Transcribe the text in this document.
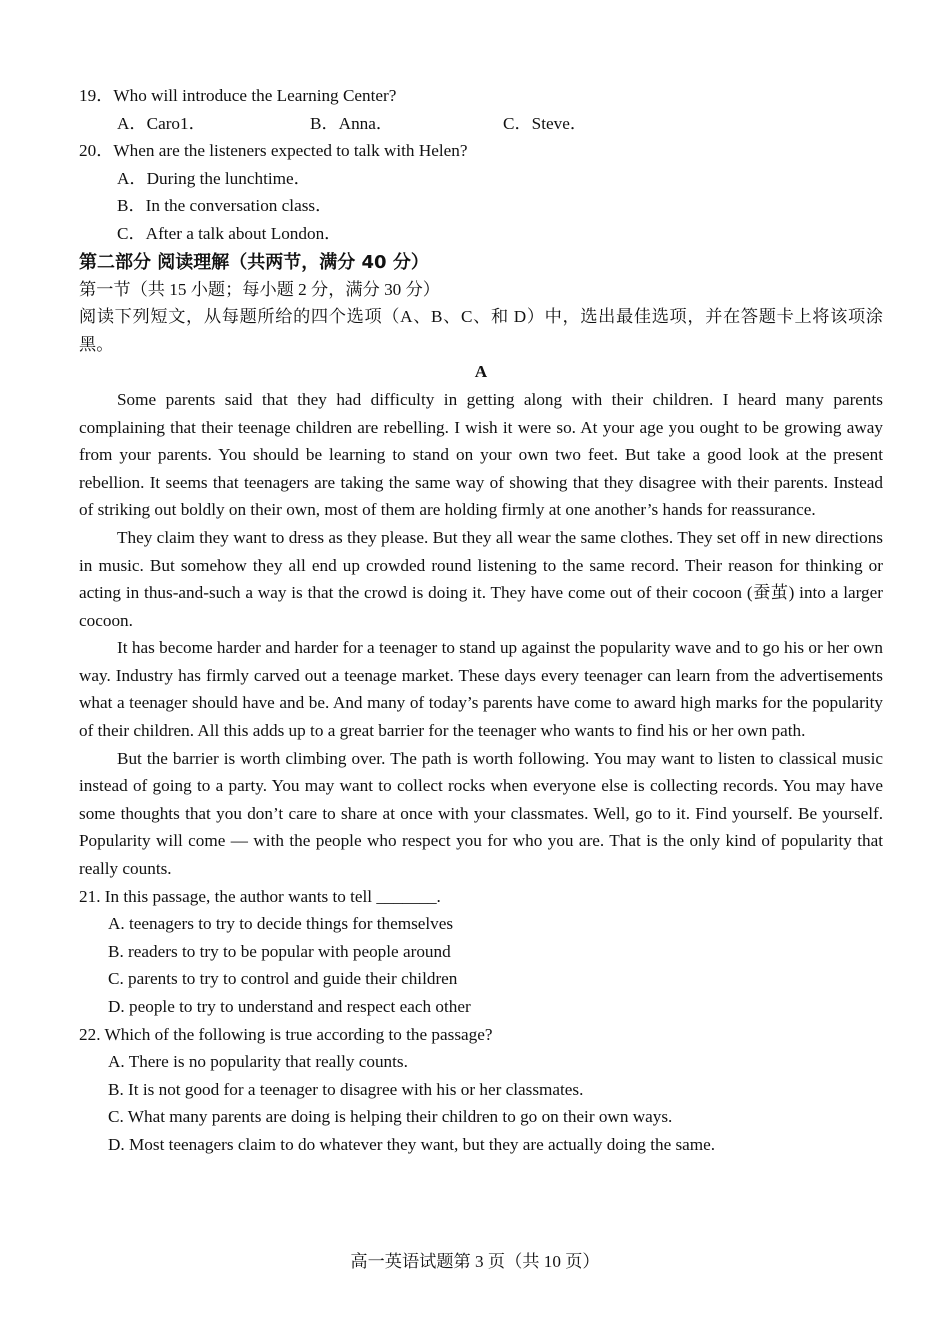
19．Who will introduce the Learning Center?
A．Caro1．	B．Anna．	C．Steve．
20．When are the listeners expected to talk with Helen?
A．During the lunchtime．
B．In the conversation class．
C．After a talk about London．
第二部分 阅读理解（共两节，满分 40 分）
第一节（共 15 小题；每小题 2 分，满分 30 分）
阅读下列短文，从每题所给的四个选项（A、B、C、和 D）中，选出最佳选项，并在答题卡上将该项涂黑。
A
Some parents said that they had difficulty in getting along with their children. I heard many parents complaining that their teenage children are rebelling. I wish it were so. At your age you ought to be growing away from your parents. You should be learning to stand on your own two feet. But take a good look at the present rebellion. It seems that teenagers are taking the same way of showing that they disagree with their parents. Instead of striking out boldly on their own, most of them are holding firmly at one another’s hands for reassurance.
They claim they want to dress as they please. But they all wear the same clothes. They set off in new directions in music. But somehow they all end up crowded round listening to the same record. Their reason for thinking or acting in thus-and-such a way is that the crowd is doing it. They have come out of their cocoon (蚕茧) into a larger cocoon.
It has become harder and harder for a teenager to stand up against the popularity wave and to go his or her own way. Industry has firmly carved out a teenage market. These days every teenager can learn from the advertisements what a teenager should have and be. And many of today’s parents have come to award high marks for the popularity of their children. All this adds up to a great barrier for the teenager who wants to find his or her own path.
But the barrier is worth climbing over. The path is worth following. You may want to listen to classical music instead of going to a party. You may want to collect rocks when everyone else is collecting records. You may have some thoughts that you don’t care to share at once with your classmates. Well, go to it. Find yourself. Be yourself. Popularity will come — with the people who respect you for who you are. That is the only kind of popularity that really counts.
21. In this passage, the author wants to tell _______.
A. teenagers to try to decide things for themselves
B. readers to try to be popular with people around
C. parents to try to control and guide their children
D. people to try to understand and respect each other
22. Which of the following is true according to the passage?
A. There is no popularity that really counts.
B. It is not good for a teenager to disagree with his or her classmates.
C. What many parents are doing is helping their children to go on their own ways.
D. Most teenagers claim to do whatever they want, but they are actually doing the same.
高一英语试题第 3 页（共 10 页）
